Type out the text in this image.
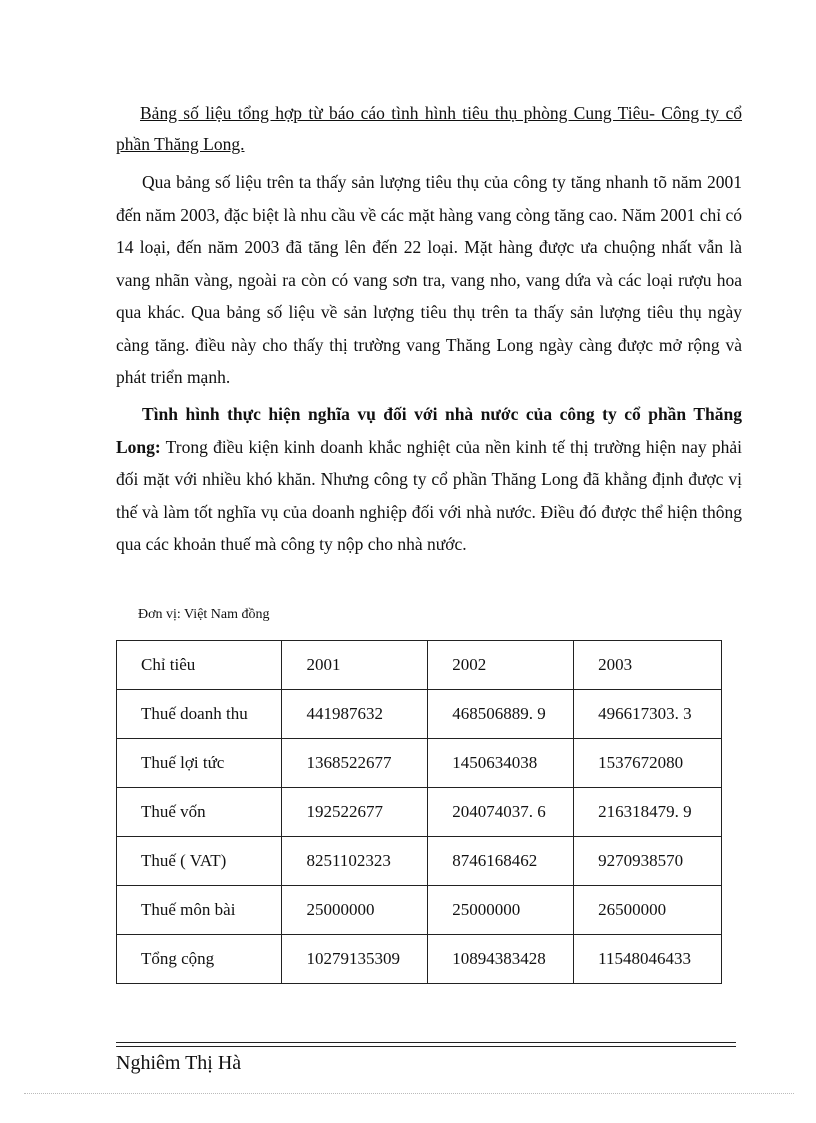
Bảng số liệu tổng hợp từ báo cáo tình hình tiêu thụ phòng Cung Tiêu- Công ty cổ phần Thăng Long.

Qua bảng số liệu trên ta thấy sản lượng tiêu thụ của công ty tăng nhanh tõ năm 2001 đến năm 2003, đặc biệt là nhu cầu về các mặt hàng vang còng tăng cao. Năm 2001 chỉ có 14 loại, đến năm 2003 đã tăng lên đến 22 loại. Mặt hàng được ưa chuộng nhất vẫn là vang nhãn vàng, ngoài ra còn có vang sơn tra, vang nho, vang dứa và các loại rượu hoa qua khác. Qua bảng số liệu về sản lượng tiêu thụ trên ta thấy sản lượng tiêu thụ ngày càng tăng. điều này cho thấy thị trường vang Thăng Long ngày càng được mở rộng và phát triển mạnh.

Tình hình thực hiện nghĩa vụ đối với nhà nước của công ty cổ phần Thăng Long: Trong điều kiện kinh doanh khắc nghiệt của nền kinh tế thị trường hiện nay phải đối mặt với nhiều khó khăn. Nhưng công ty cổ phần Thăng Long đã khẳng định được vị thế và làm tốt nghĩa vụ của doanh nghiệp đối với nhà nước. Điều đó được thể hiện thông qua các khoản thuế mà công ty nộp cho nhà nước.

Đơn vị: Việt Nam đồng

Chỉ tiêu	2001	2002	2003
Thuế doanh thu	441987632	468506889. 9	496617303. 3
Thuế lợi tức	1368522677	1450634038	1537672080
Thuế vốn	192522677	204074037. 6	216318479. 9
Thuế ( VAT)	8251102323	8746168462	9270938570
Thuế môn bài	25000000	25000000	26500000
Tổng cộng	10279135309	10894383428	11548046433

Nghiêm Thị Hà
